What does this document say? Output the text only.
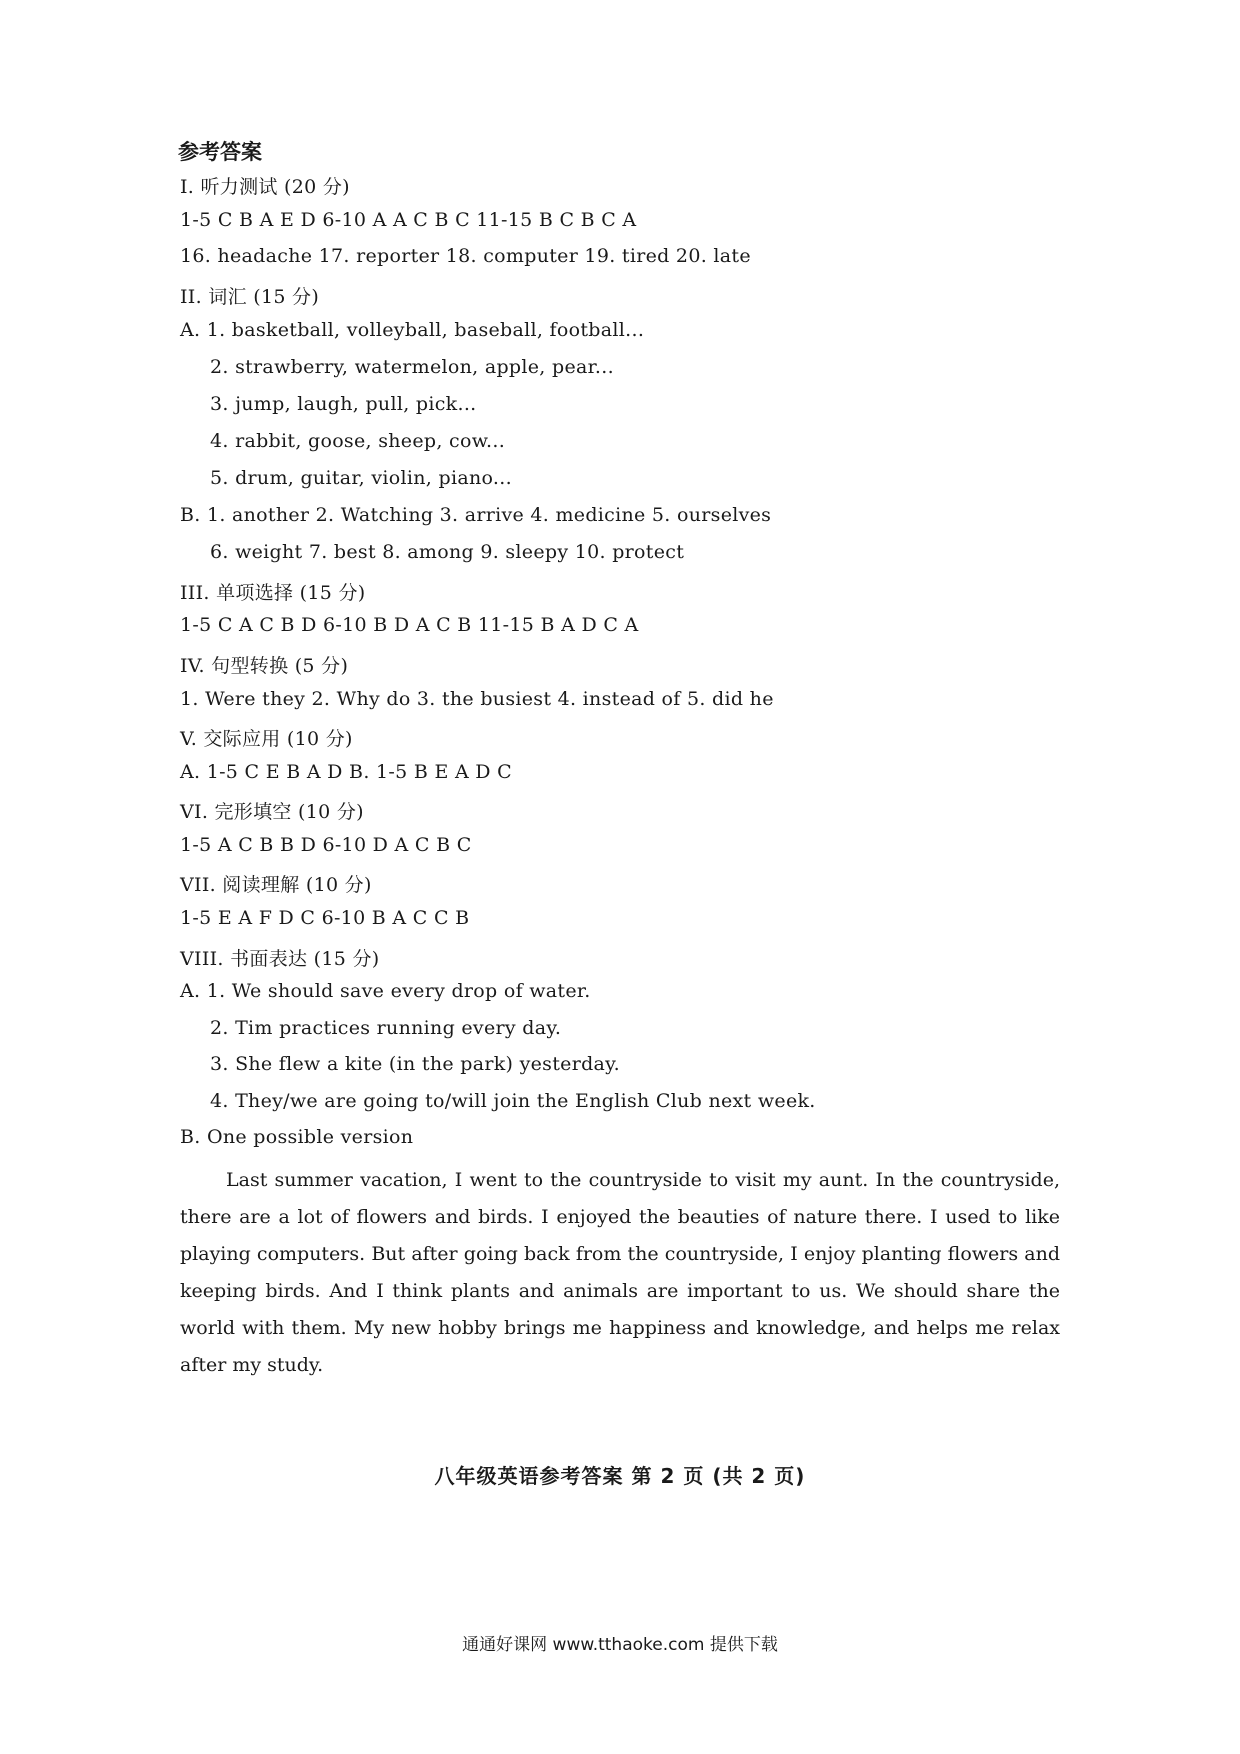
参考答案
I. 听力测试 (20 分)
1-5 C B A E D 6-10 A A C B C 11-15 B C B C A
16. headache 17. reporter 18. computer 19. tired 20. late
II. 词汇 (15 分)
A. 1. basketball, volleyball, baseball, football...
2. strawberry, watermelon, apple, pear...
3. jump, laugh, pull, pick...
4. rabbit, goose, sheep, cow...
5. drum, guitar, violin, piano...
B. 1. another 2. Watching 3. arrive 4. medicine 5. ourselves
6. weight 7. best 8. among 9. sleepy 10. protect
III. 单项选择 (15 分)
1-5 C A C B D 6-10 B D A C B 11-15 B A D C A
IV. 句型转换 (5 分)
1. Were they 2. Why do 3. the busiest 4. instead of 5. did he
V. 交际应用 (10 分)
A. 1-5 C E B A D B. 1-5 B E A D C
VI. 完形填空 (10 分)
1-5 A C B B D 6-10 D A C B C
VII. 阅读理解 (10 分)
1-5 E A F D C 6-10 B A C C B
VIII. 书面表达 (15 分)
A. 1. We should save every drop of water.
2. Tim practices running every day.
3. She flew a kite (in the park) yesterday.
4. They/we are going to/will join the English Club next week.
B. One possible version

Last summer vacation, I went to the countryside to visit my aunt. In the countryside, there are a lot of flowers and birds. I enjoyed the beauties of nature there. I used to like playing computers. But after going back from the countryside, I enjoy planting flowers and keeping birds. And I think plants and animals are important to us. We should share the world with them. My new hobby brings me happiness and knowledge, and helps me relax after my study.

八年级英语参考答案 第 2 页 (共 2 页)
通通好课网 www.tthaoke.com 提供下载
